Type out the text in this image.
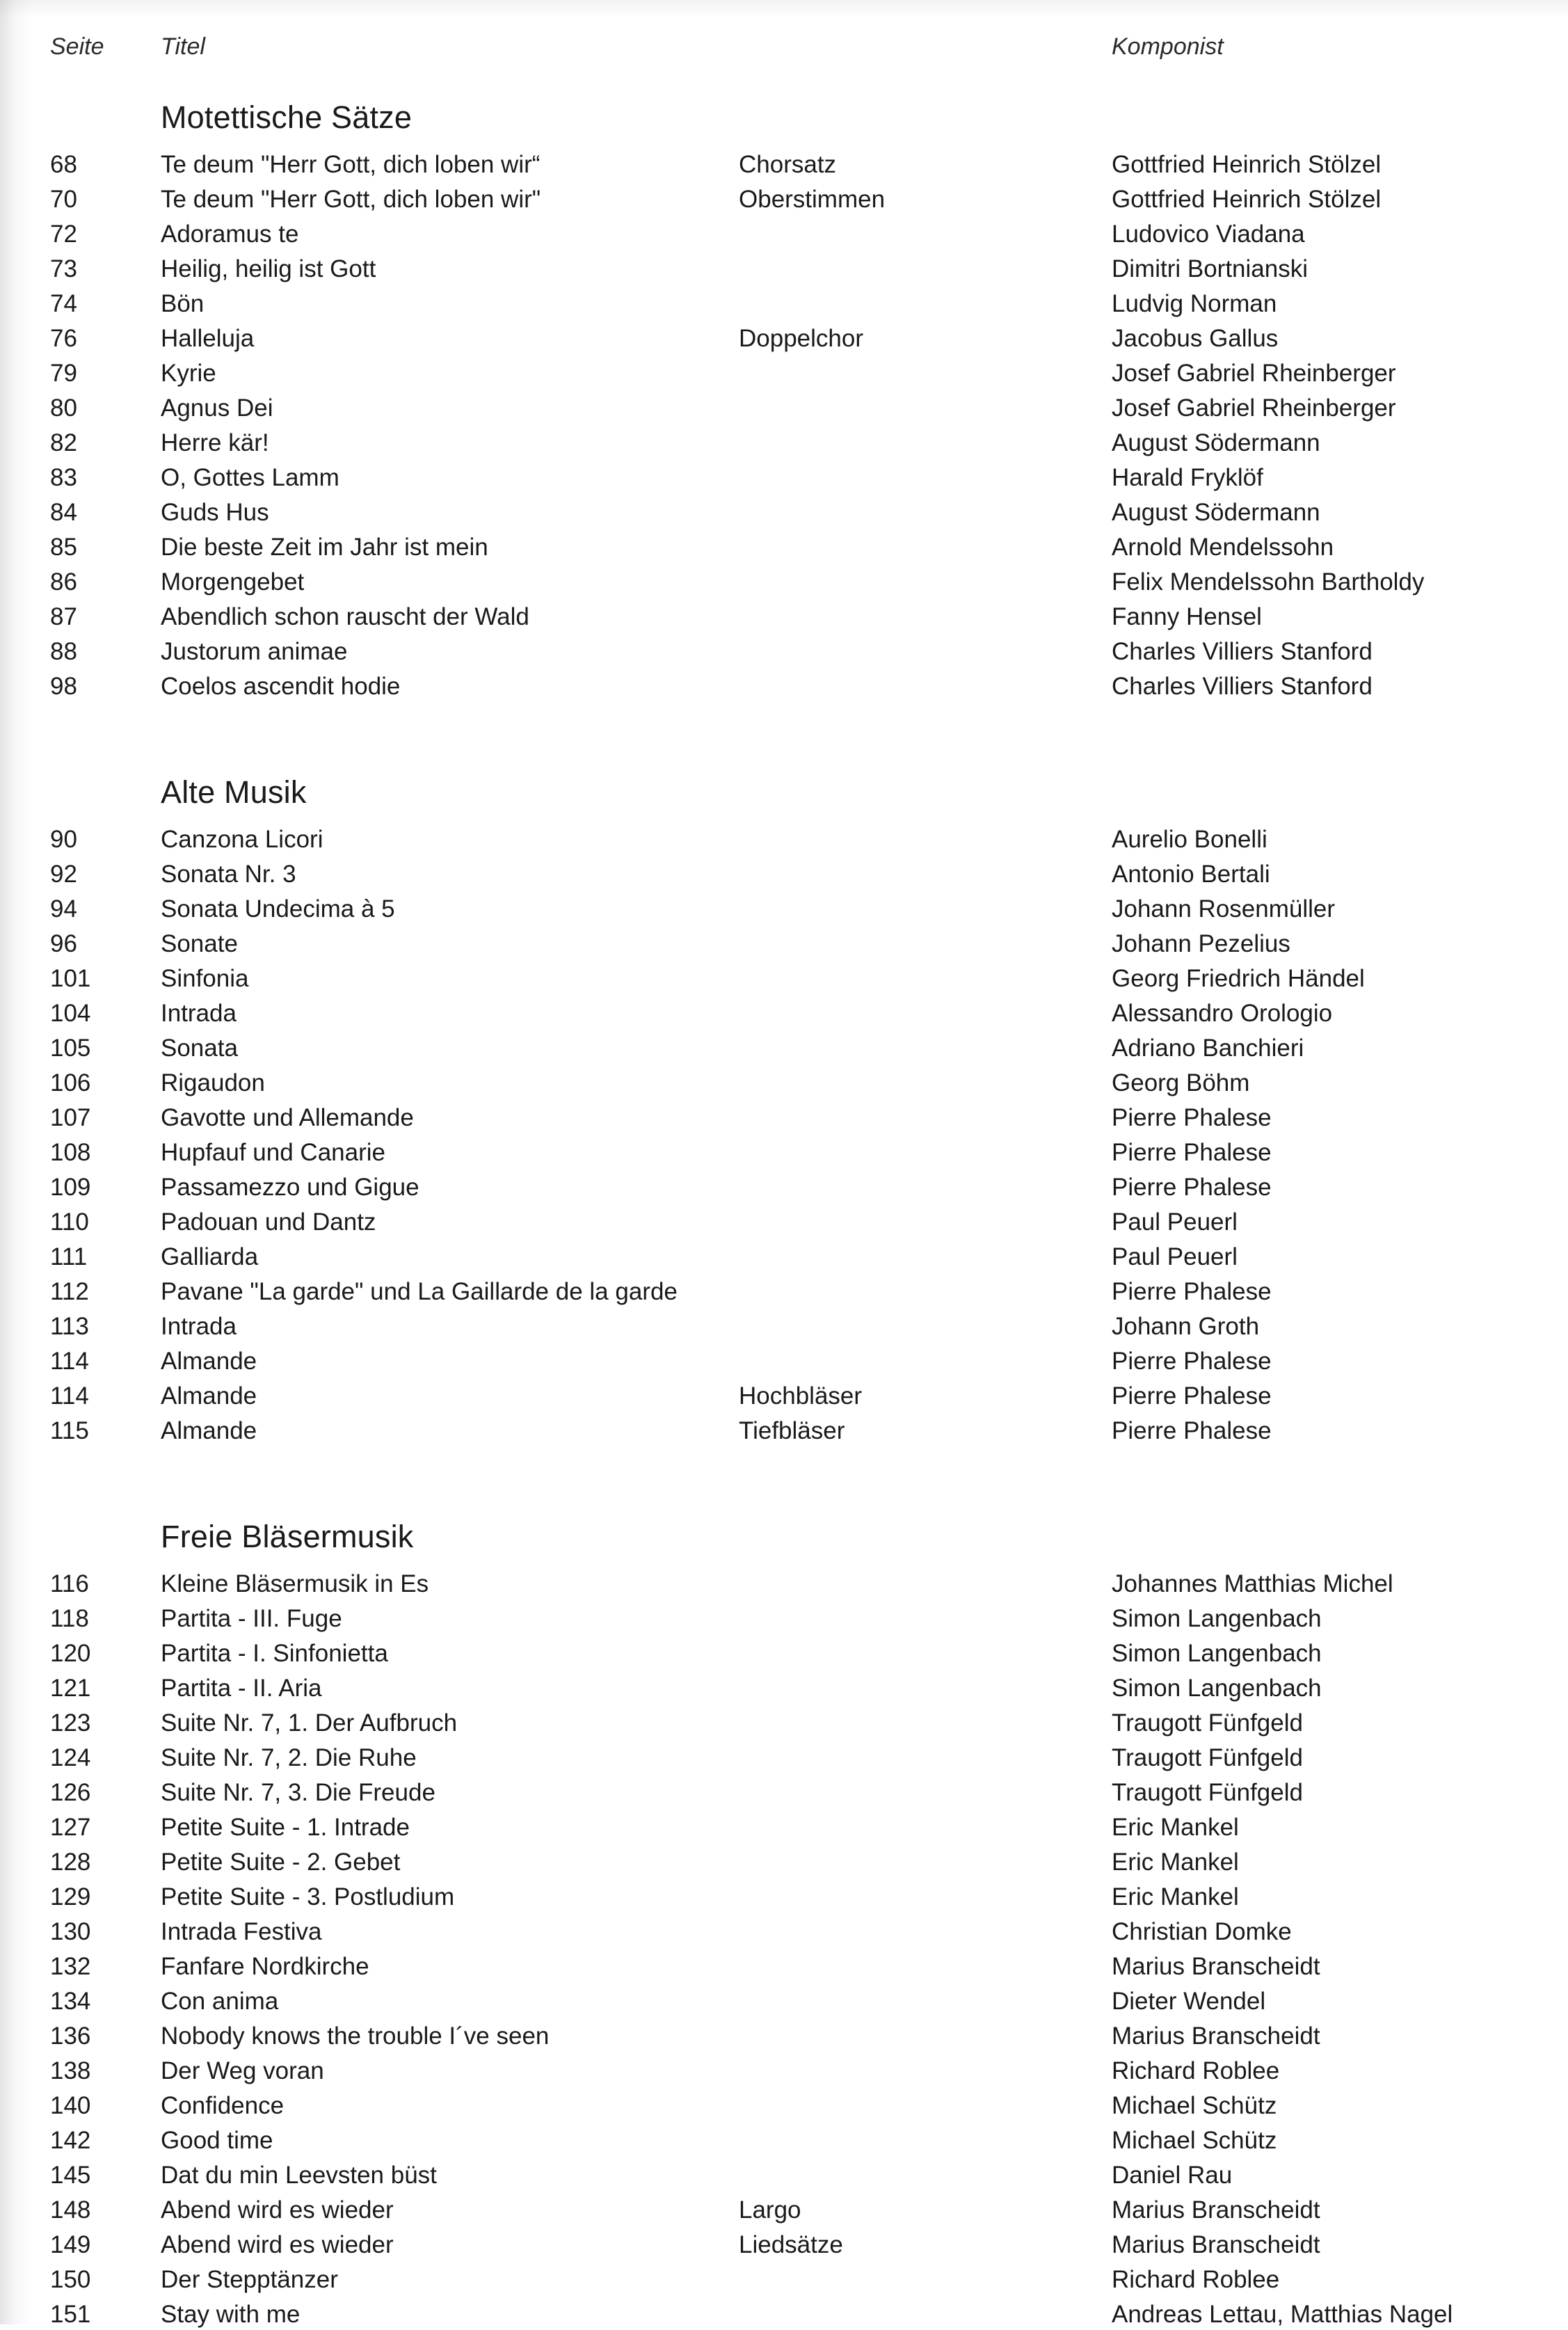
Seite	Titel	Komponist
Motettische Sätze
68	Te deum "Herr Gott, dich loben wir“	Chorsatz	Gottfried Heinrich Stölzel
70	Te deum "Herr Gott, dich loben wir"	Oberstimmen	Gottfried Heinrich Stölzel
72	Adoramus te	Ludovico Viadana
73	Heilig, heilig ist Gott	Dimitri Bortnianski
74	Bön	Ludvig Norman
76	Halleluja	Doppelchor	Jacobus Gallus
79	Kyrie	Josef Gabriel Rheinberger
80	Agnus Dei	Josef Gabriel Rheinberger
82	Herre kär!	August Södermann
83	O, Gottes Lamm	Harald Fryklöf
84	Guds Hus	August Södermann
85	Die beste Zeit im Jahr ist mein	Arnold Mendelssohn
86	Morgengebet	Felix Mendelssohn Bartholdy
87	Abendlich schon rauscht der Wald	Fanny Hensel
88	Justorum animae	Charles Villiers Stanford
98	Coelos ascendit hodie	Charles Villiers Stanford
Alte Musik
90	Canzona Licori	Aurelio Bonelli
92	Sonata Nr. 3	Antonio Bertali
94	Sonata Undecima à 5	Johann Rosenmüller
96	Sonate	Johann Pezelius
101	Sinfonia	Georg Friedrich Händel
104	Intrada	Alessandro Orologio
105	Sonata	Adriano Banchieri
106	Rigaudon	Georg Böhm
107	Gavotte und Allemande	Pierre Phalese
108	Hupfauf und Canarie	Pierre Phalese
109	Passamezzo und Gigue	Pierre Phalese
110	Padouan und Dantz	Paul Peuerl
111	Galliarda	Paul Peuerl
112	Pavane "La garde" und La Gaillarde de la garde	Pierre Phalese
113	Intrada	Johann Groth
114	Almande	Pierre Phalese
114	Almande	Hochbläser	Pierre Phalese
115	Almande	Tiefbläser	Pierre Phalese
Freie Bläsermusik
116	Kleine Bläsermusik in Es	Johannes Matthias Michel
118	Partita - III. Fuge	Simon Langenbach
120	Partita - I. Sinfonietta	Simon Langenbach
121	Partita - II. Aria	Simon Langenbach
123	Suite Nr. 7, 1. Der Aufbruch	Traugott Fünfgeld
124	Suite Nr. 7, 2. Die Ruhe	Traugott Fünfgeld
126	Suite Nr. 7, 3. Die Freude	Traugott Fünfgeld
127	Petite Suite - 1. Intrade	Eric Mankel
128	Petite Suite - 2. Gebet	Eric Mankel
129	Petite Suite - 3. Postludium	Eric Mankel
130	Intrada Festiva	Christian Domke
132	Fanfare Nordkirche	Marius Branscheidt
134	Con anima	Dieter Wendel
136	Nobody knows the trouble I´ve seen	Marius Branscheidt
138	Der Weg voran	Richard Roblee
140	Confidence	Michael Schütz
142	Good time	Michael Schütz
145	Dat du min Leevsten büst	Daniel Rau
148	Abend wird es wieder	Largo	Marius Branscheidt
149	Abend wird es wieder	Liedsätze	Marius Branscheidt
150	Der Stepptänzer	Richard Roblee
151	Stay with me	Andreas Lettau, Matthias Nagel
